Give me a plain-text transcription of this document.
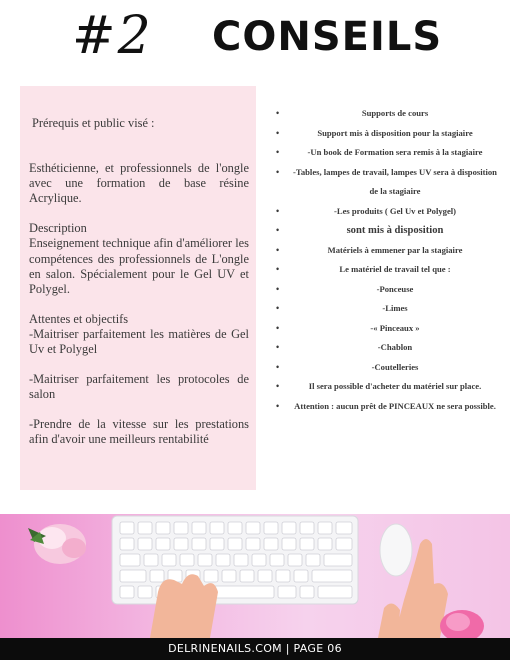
#2 CONSEILS

Prérequis et public visé :

Esthéticienne, et professionnels de l'ongle avec une formation de base résine Acrylique.

Description

Enseignement technique afin d'améliorer les compétences des professionnels de L'ongle en salon. Spécialement pour le Gel UV et Polygel.

Attentes et objectifs

-Maitriser parfaitement les matières de Gel Uv et Polygel

-Maitriser parfaitement les protocoles de salon

-Prendre de la vitesse sur les prestations afin d'avoir une meilleurs rentabilité

• Supports de cours
• Support mis à disposition pour la stagiaire
• -Un book de Formation sera remis à la stagiaire
• -Tables, lampes de travail, lampes UV sera à disposition de la stagiaire
• -Les produits ( Gel Uv et Polygel)
• sont mis à disposition
• Matériels à emmener par la stagiaire
• Le matériel de travail tel que :
• -Ponceuse
• -Limes
• -« Pinceaux »
• -Chablon
• -Coutelleries
• Il sera possible d'acheter du matériel sur place.
• Attention : aucun prêt de PINCEAUX ne sera possible.
DELRINENAILS.COM | PAGE 06
